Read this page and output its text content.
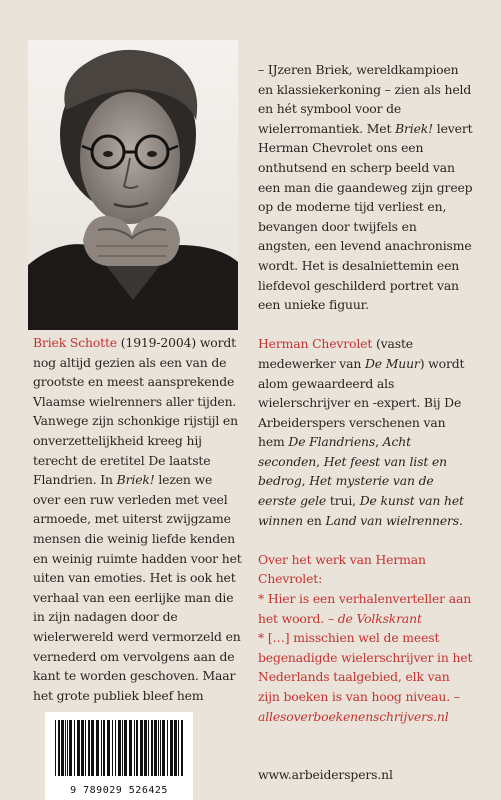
Briek Schotte (1919-2004) wordt nog altijd gezien als een van de grootste en meest aansprekende Vlaamse wielrenners aller tijden. Vanwege zijn schonkige rijstijl en onverzettelijkheid kreeg hij terecht de eretitel De laatste Flandrien. In Briek! lezen we over een ruw verleden met veel armoede, met uiterst zwijgzame mensen die weinig liefde kenden en weinig ruimte hadden voor het uiten van emoties. Het is ook het verhaal van een eerlijke man die in zijn nadagen door de wielerwereld werd vermorzeld en vernederd om vervolgens aan de kant te worden geschoven. Maar het grote publiek bleef hem

– IJzeren Briek, wereldkampioen en klassiekerkoning – zien als held en hét symbool voor de wielerromantiek. Met Briek! levert Herman Chevrolet ons een onthutsend en scherp beeld van een man die gaandeweg zijn greep op de moderne tijd verliest en, bevangen door twijfels en angsten, een levend anachronisme wordt. Het is desalniettemin een liefdevol geschilderd portret van een unieke figuur.

Herman Chevrolet (vaste medewerker van De Muur) wordt alom gewaardeerd als wielerschrijver en -expert. Bij De Arbeiderspers verschenen van hem De Flandriens, Acht seconden, Het feest van list en bedrog, Het mysterie van de eerste gele trui, De kunst van het winnen en Land van wielrenners.

Over het werk van Herman Chevrolet:
* Hier is een verhalenverteller aan het woord. – de Volkskrant
* […] misschien wel de meest begenadigde wielerschrijver in het Nederlands taalgebied, elk van zijn boeken is van hoog niveau. – allesoverboekenenschrijvers.nl

www.arbeiderspers.nl

9 789029 526425
